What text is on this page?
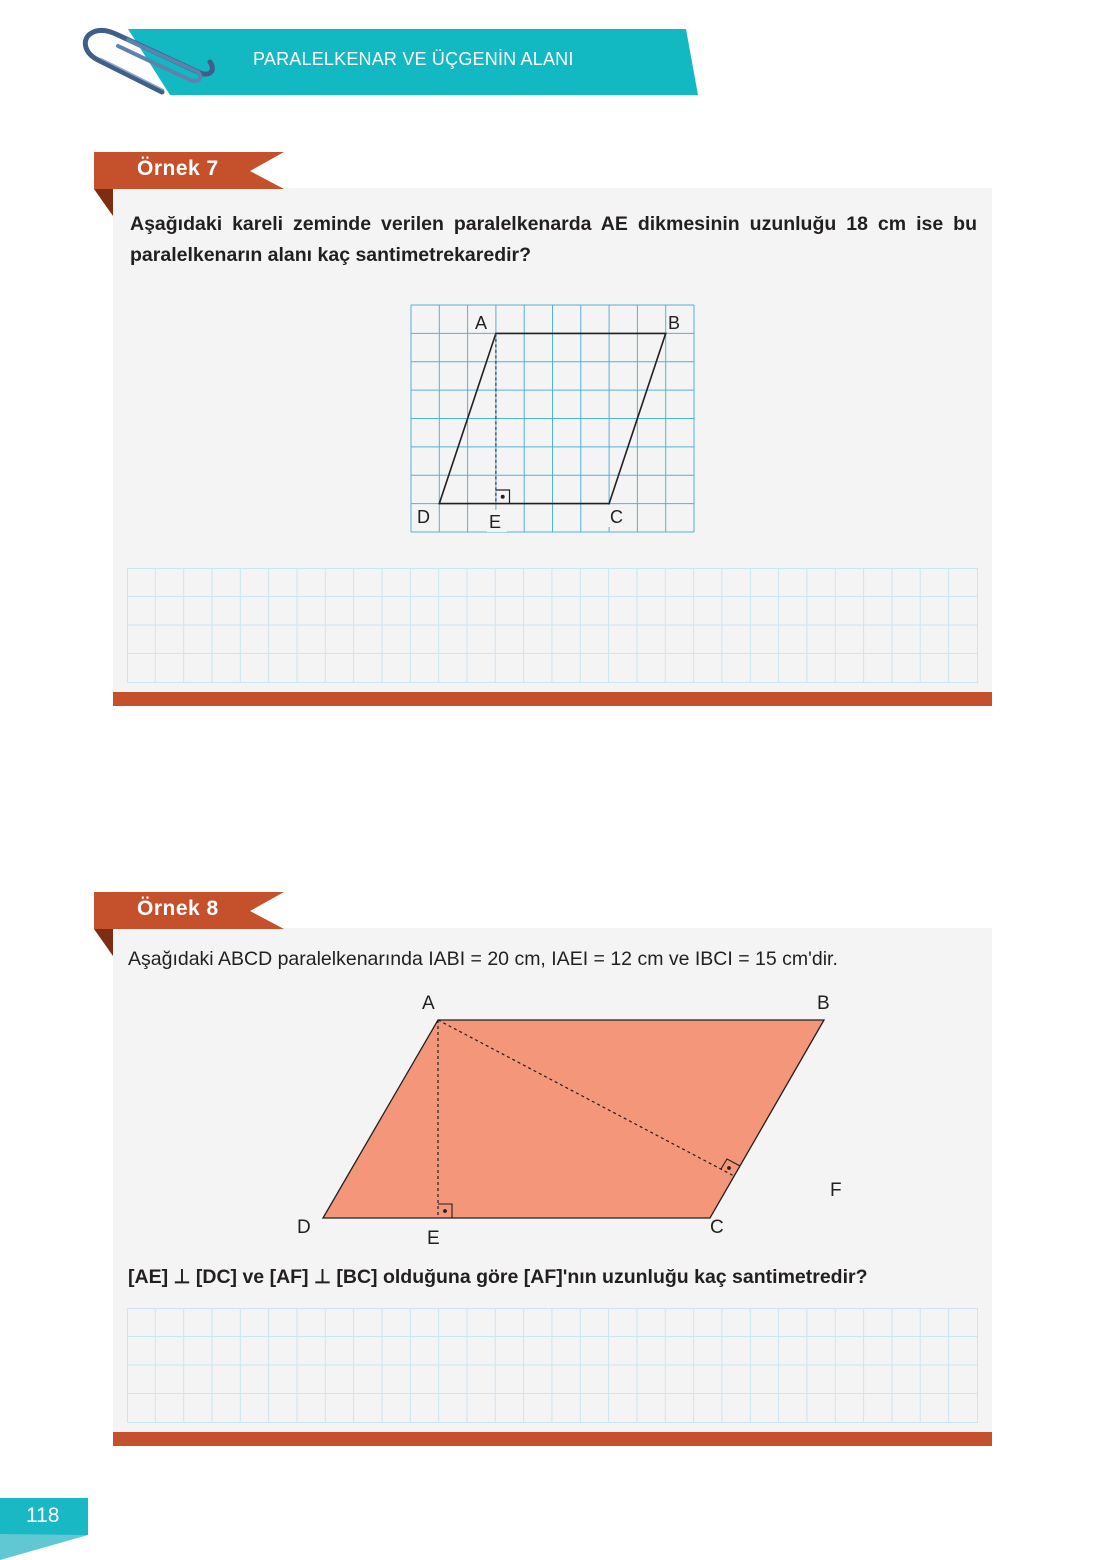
PARALELKENAR VE ÜÇGENİN ALANI
Örnek 7
Aşağıdaki kareli zeminde verilen paralelkenarda AE dikmesinin uzunluğu 18 cm ise bu paralelkenarın alanı kaç santimetrekaredir?
A	B
C
D	E
Örnek 8
Aşağıdaki ABCD paralelkenarında IABI = 20 cm, IAEI = 12 cm ve IBCI = 15 cm'dir.
A	B
C
D
E
F
[AE] ⊥ [DC] ve [AF] ⊥ [BC] olduğuna göre [AF]'nın uzunluğu kaç santimetredir?
118
